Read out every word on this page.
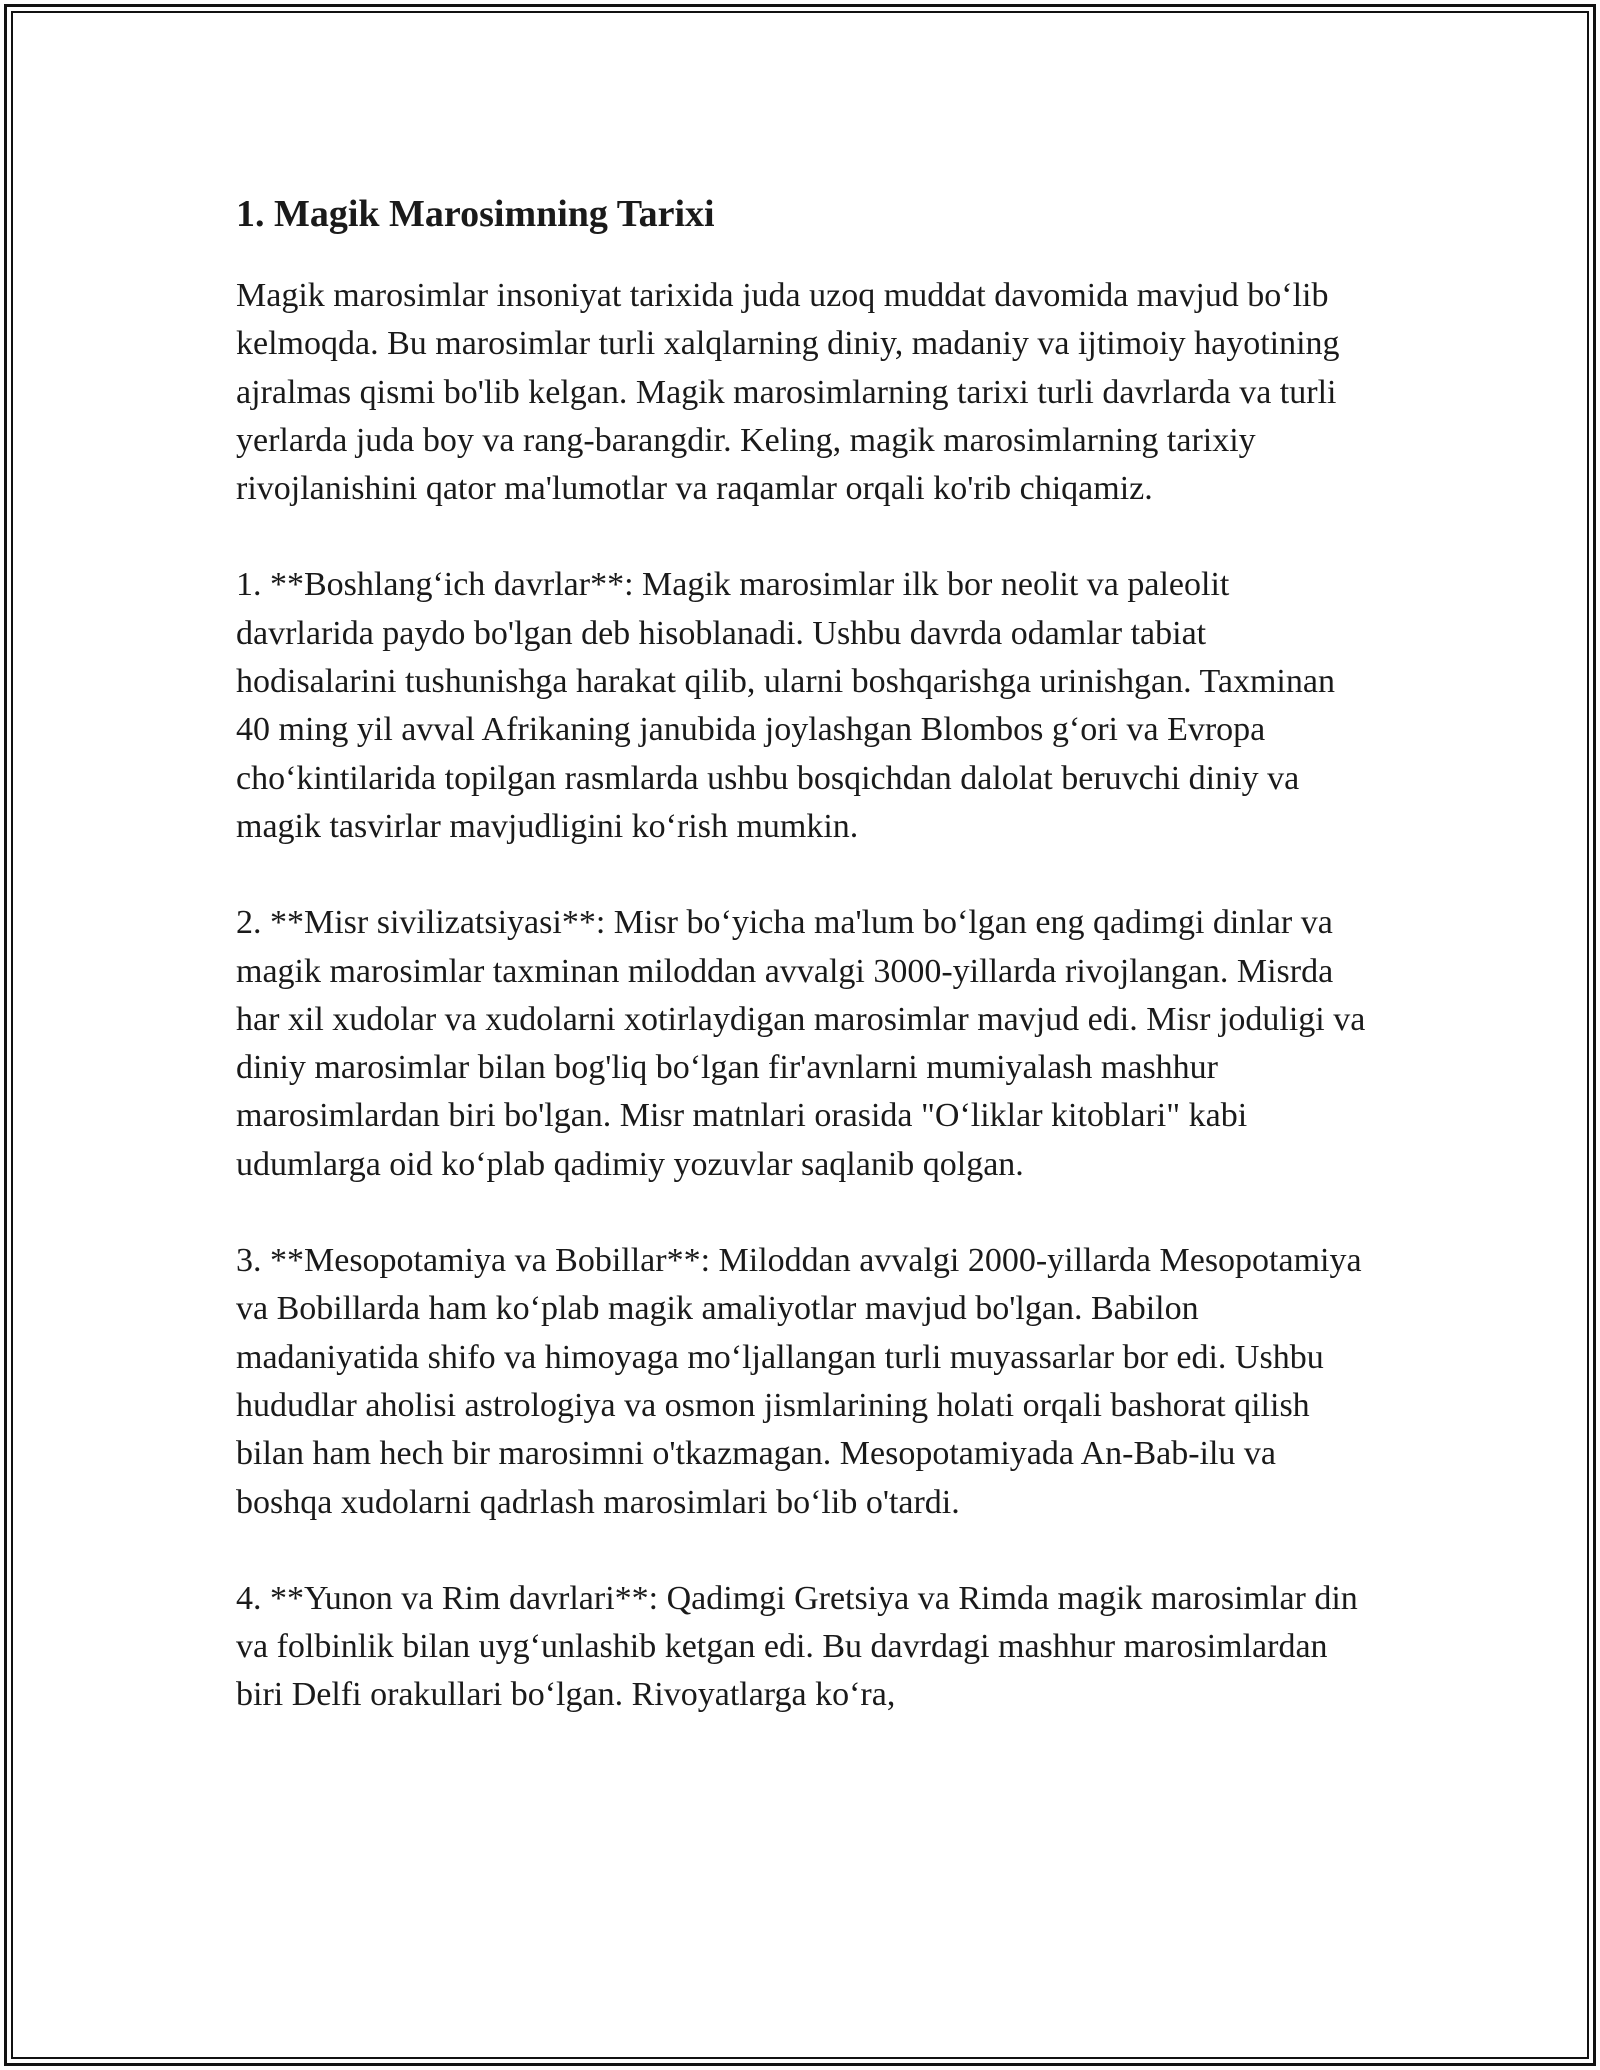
1. Magik Marosimning Tarixi

Magik marosimlar insoniyat tarixida juda uzoq muddat davomida mavjud boʻlib kelmoqda. Bu marosimlar turli xalqlarning diniy, madaniy va ijtimoiy hayotining ajralmas qismi bo'lib kelgan. Magik marosimlarning tarixi turli davrlarda va turli yerlarda juda boy va rang-barangdir. Keling, magik marosimlarning tarixiy rivojlanishini qator ma'lumotlar va raqamlar orqali ko'rib chiqamiz.

1. **Boshlangʻich davrlar**: Magik marosimlar ilk bor neolit va paleolit davrlarida paydo bo'lgan deb hisoblanadi. Ushbu davrda odamlar tabiat hodisalarini tushunishga harakat qilib, ularni boshqarishga urinishgan. Taxminan 40 ming yil avval Afrikaning janubida joylashgan Blombos gʻori va Evropa choʻkintilarida topilgan rasmlarda ushbu bosqichdan dalolat beruvchi diniy va magik tasvirlar mavjudligini koʻrish mumkin.

2. **Misr sivilizatsiyasi**: Misr boʻyicha ma'lum boʻlgan eng qadimgi dinlar va magik marosimlar taxminan miloddan avvalgi 3000-yillarda rivojlangan. Misrda har xil xudolar va xudolarni xotirlaydigan marosimlar mavjud edi. Misr joduligi va diniy marosimlar bilan bog'liq boʻlgan fir'avnlarni mumiyalash mashhur marosimlardan biri bo'lgan. Misr matnlari orasida "Oʻliklar kitoblari" kabi udumlarga oid koʻplab qadimiy yozuvlar saqlanib qolgan.

3. **Mesopotamiya va Bobillar**: Miloddan avvalgi 2000-yillarda Mesopotamiya va Bobillarda ham koʻplab magik amaliyotlar mavjud bo'lgan. Babilon madaniyatida shifo va himoyaga moʻljallangan turli muyassarlar bor edi. Ushbu hududlar aholisi astrologiya va osmon jismlarining holati orqali bashorat qilish bilan ham hech bir marosimni o'tkazmagan. Mesopotamiyada An-Bab-ilu va boshqa xudolarni qadrlash marosimlari boʻlib o'tardi.

4. **Yunon va Rim davrlari**: Qadimgi Gretsiya va Rimda magik marosimlar din va folbinlik bilan uygʻunlashib ketgan edi. Bu davrdagi mashhur marosimlardan biri Delfi orakullari boʻlgan. Rivoyatlarga koʻra,
